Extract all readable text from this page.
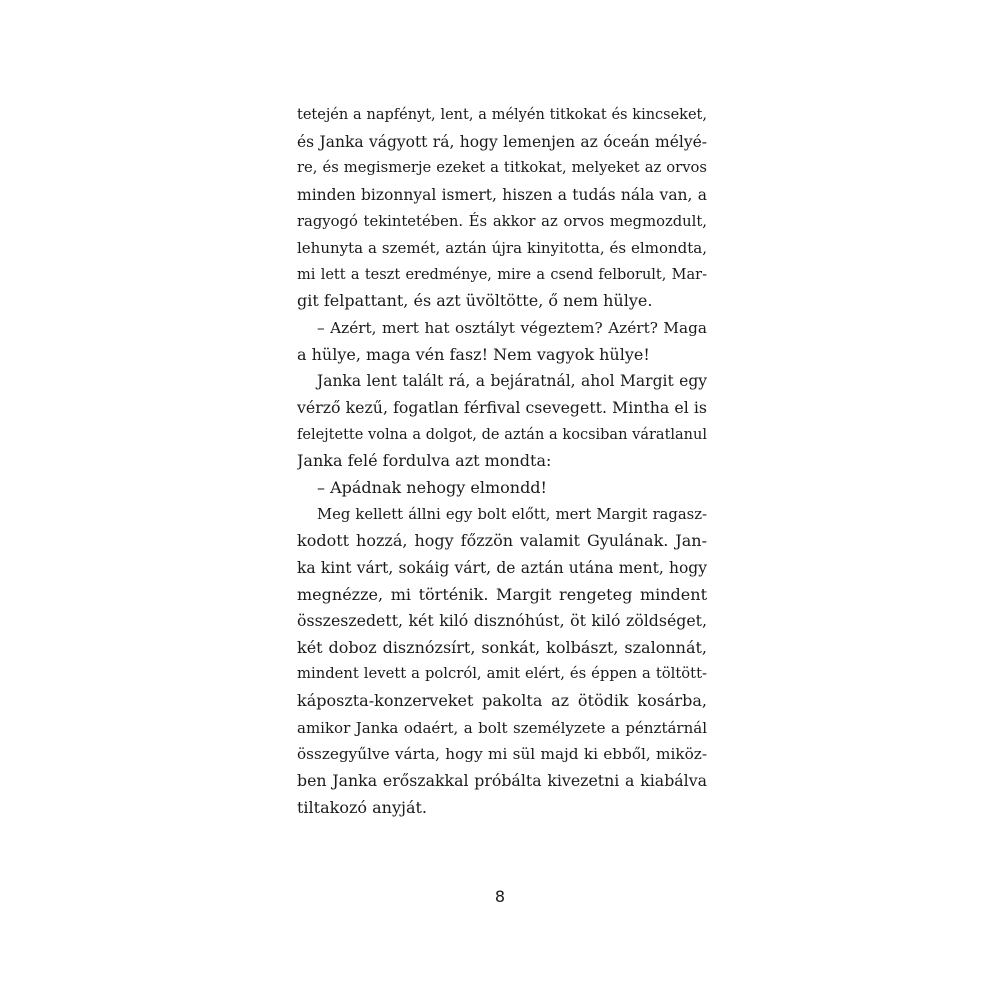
tetején a napfényt, lent, a mélyén titkokat és kincseket,
és Janka vágyott rá, hogy lemenjen az óceán mélyé-
re, és megismerje ezeket a titkokat, melyeket az orvos
minden bizonnyal ismert, hiszen a tudás nála van, a
ragyogó tekintetében. És akkor az orvos megmozdult,
lehunyta a szemét, aztán újra kinyitotta, és elmondta,
mi lett a teszt eredménye, mire a csend felborult, Mar-
git felpattant, és azt üvöltötte, ő nem hülye.
– Azért, mert hat osztályt végeztem? Azért? Maga
a hülye, maga vén fasz! Nem vagyok hülye!
Janka lent talált rá, a bejáratnál, ahol Margit egy
vérző kezű, fogatlan férfival csevegett. Mintha el is
felejtette volna a dolgot, de aztán a kocsiban váratlanul
Janka felé fordulva azt mondta:
– Apádnak nehogy elmondd!
Meg kellett állni egy bolt előtt, mert Margit ragasz-
kodott hozzá, hogy főzzön valamit Gyulának. Jan-
ka kint várt, sokáig várt, de aztán utána ment, hogy
megnézze, mi történik. Margit rengeteg mindent
összeszedett, két kiló disznóhúst, öt kiló zöldséget,
két doboz disznózsírt, sonkát, kolbászt, szalonnát,
mindent levett a polcról, amit elért, és éppen a töltött-
káposzta-konzerveket pakolta az ötödik kosárba,
amikor Janka odaért, a bolt személyzete a pénztárnál
összegyűlve várta, hogy mi sül majd ki ebből, miköz-
ben Janka erőszakkal próbálta kivezetni a kiabálva
tiltakozó anyját.
8
